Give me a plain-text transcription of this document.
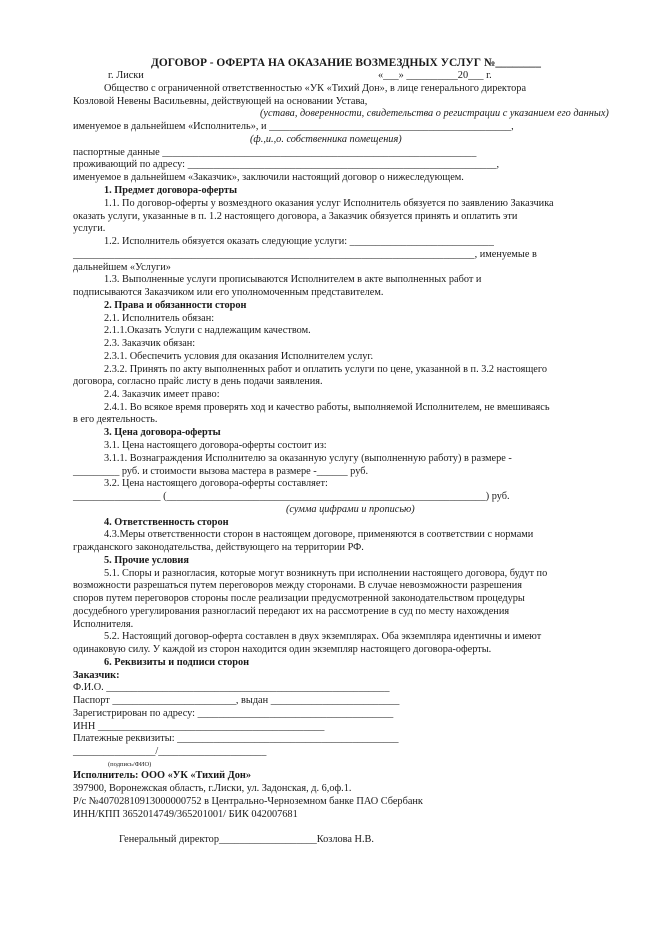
ДОГОВОР - ОФЕРТА НА ОКАЗАНИЕ ВОЗМЕЗДНЫХ УСЛУГ №________
г. Лиски	«___» __________20___ г.
Общество с ограниченной ответственностью «УК «Тихий Дон», в лице генерального директора
Козловой Невены Васильевны, действующей на основании Устава,
(устава, доверенности, свидетельства о регистрации с указанием его данных)
именуемое в дальнейшем «Исполнитель», и _______________________________________________,
(ф.,и.,о. собственника помещения)
паспортные данные _____________________________________________________________
проживающий по адресу: ____________________________________________________________,
именуемое в дальнейшем «Заказчик», заключили настоящий договор о нижеследующем.
1. Предмет договора-оферты
1.1. По договор-оферты у возмездного оказания услуг Исполнитель обязуется по заявлению Заказчика
оказать услуги, указанные в п. 1.2 настоящего договора, а Заказчик обязуется принять и оплатить эти
услуги.
1.2. Исполнитель обязуется оказать следующие услуги: ____________________________
______________________________________________________________________________, именуемые в
дальнейшем «Услуги»
1.3. Выполненные услуги прописываются Исполнителем в акте выполненных работ и
подписываются Заказчиком или его уполномоченным представителем.
2. Права и обязанности сторон
2.1. Исполнитель обязан:
2.1.1.Оказать Услуги с надлежащим качеством.
2.3. Заказчик обязан:
2.3.1. Обеспечить условия для оказания Исполнителем услуг.
2.3.2. Принять по акту выполненных работ и оплатить услуги по цене, указанной в п. 3.2 настоящего
договора, согласно прайс листу в день подачи заявления.
2.4. Заказчик имеет право:
2.4.1. Во всякое время проверять ход и качество работы, выполняемой Исполнителем, не вмешиваясь
в его деятельность.
3. Цена договора-оферты
3.1. Цена настоящего договора-оферты состоит из:
3.1.1. Вознаграждения Исполнителю за оказанную услугу (выполненную работу) в размере -
_________ руб. и стоимости вызова мастера в размере -______ руб.
3.2. Цена настоящего договора-оферты составляет:
_________________ (______________________________________________________________) руб.
(сумма цифрами и прописью)
4. Ответственность сторон
4.3.Меры ответственности сторон в настоящем договоре, применяются в соответствии с нормами
гражданского законодательства, действующего на территории РФ.
5. Прочие условия
5.1. Споры и разногласия, которые могут возникнуть при исполнении настоящего договора, будут по
возможности разрешаться путем переговоров между сторонами. В случае невозможности разрешения
споров путем переговоров стороны после реализации предусмотренной законодательством процедуры
досудебного урегулирования разногласий передают их на рассмотрение в суд по месту нахождения
Исполнителя.
5.2. Настоящий договор-оферта составлен в двух экземплярах. Оба экземпляра идентичны и имеют
одинаковую силу. У каждой из сторон находится один экземпляр настоящего договора-оферты.
6. Реквизиты и подписи сторон
Заказчик:
Ф.И.О. _______________________________________________________
Паспорт ________________________, выдан _________________________
Зарегистрирован по адресу: ______________________________________
ИНН ____________________________________________
Платежные реквизиты: ___________________________________________
________________/_____________________
(подпись/ФИО)
Исполнитель: ООО «УК «Тихий Дон»
397900, Воронежская область, г.Лиски, ул. Задонская, д. 6,оф.1.
Р/с №40702810913000000752 в Центрально-Черноземном банке ПАО Сбербанк
ИНН/КПП 3652014749/365201001/ БИК 042007681
Генеральный директор___________________Козлова Н.В.
